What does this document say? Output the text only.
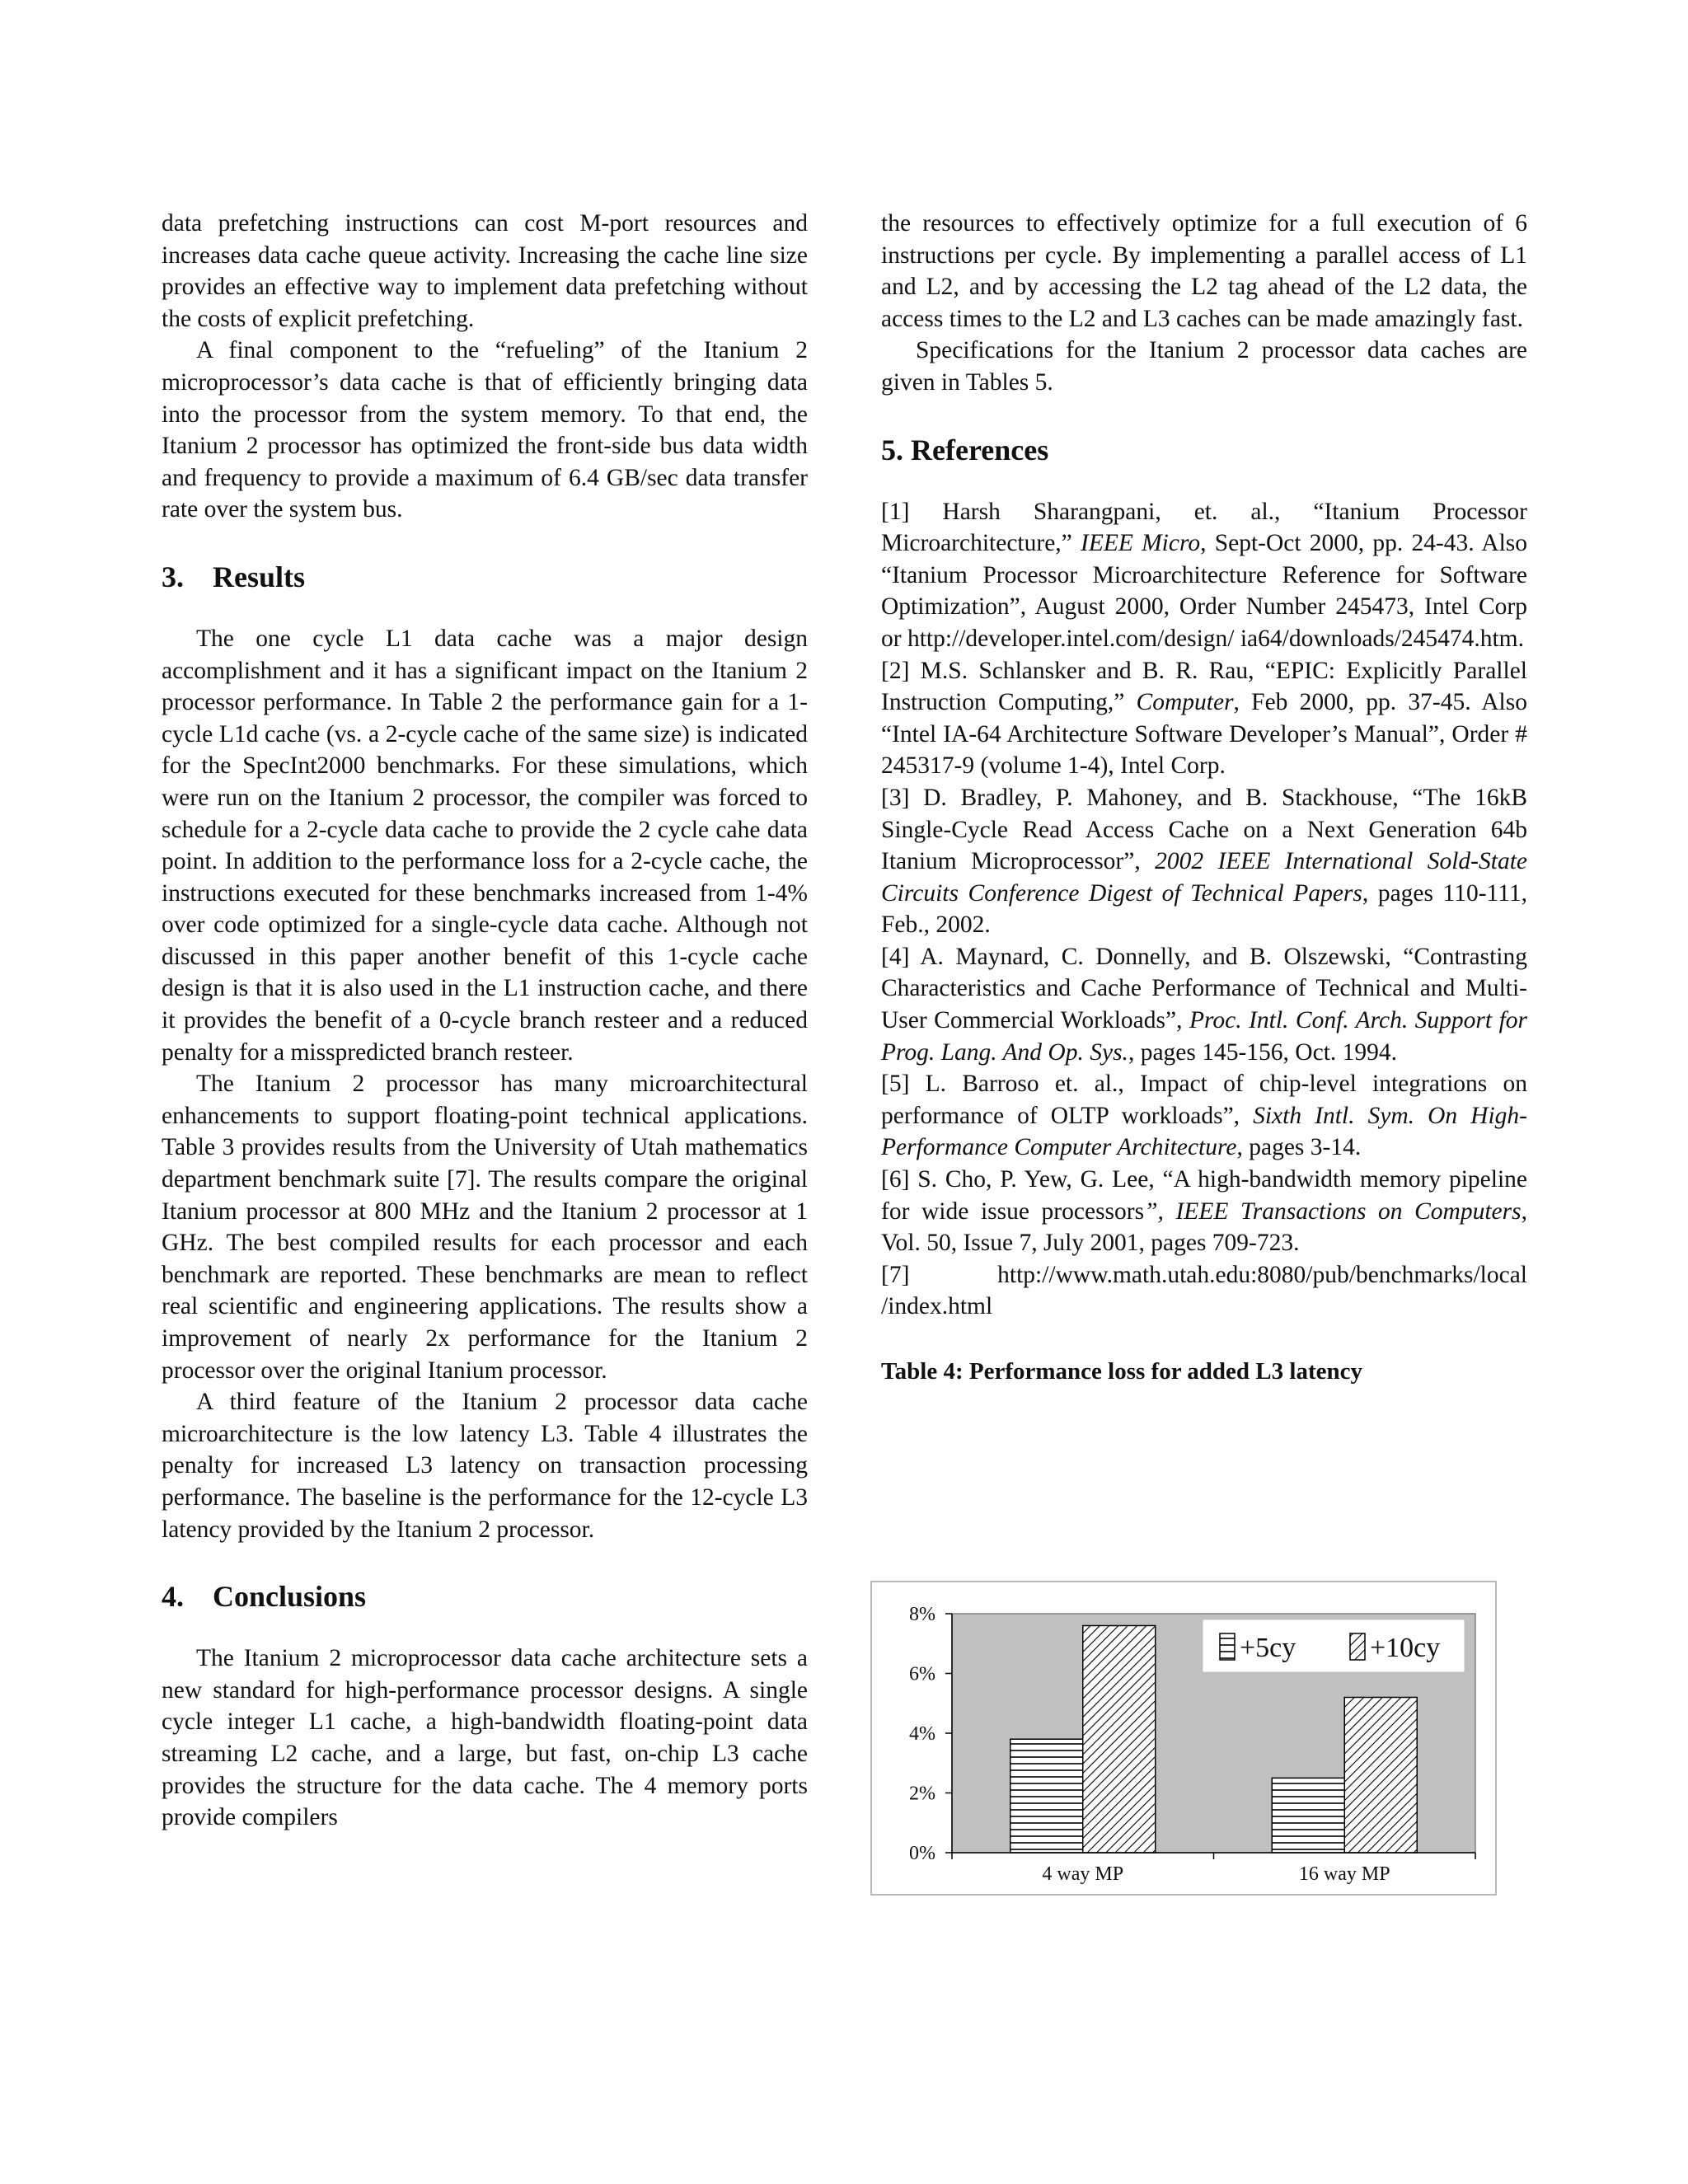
data prefetching instructions can cost M-port resources and increases data cache queue activity. Increasing the cache line size provides an effective way to implement data prefetching without the costs of explicit prefetching.

A final component to the “refueling” of the Itanium 2 microprocessor’s data cache is that of efficiently bringing data into the processor from the system memory. To that end, the Itanium 2 processor has optimized the front-side bus data width and frequency to provide a maximum of 6.4 GB/sec data transfer rate over the system bus.

3. Results

The one cycle L1 data cache was a major design accomplishment and it has a significant impact on the Itanium 2 processor performance. In Table 2 the performance gain for a 1-cycle L1d cache (vs. a 2-cycle cache of the same size) is indicated for the SpecInt2000 benchmarks. For these simulations, which were run on the Itanium 2 processor, the compiler was forced to schedule for a 2-cycle data cache to provide the 2 cycle cahe data point. In addition to the performance loss for a 2-cycle cache, the instructions executed for these benchmarks increased from 1-4% over code optimized for a single-cycle data cache. Although not discussed in this paper another benefit of this 1-cycle cache design is that it is also used in the L1 instruction cache, and there it provides the benefit of a 0-cycle branch resteer and a reduced penalty for a misspredicted branch resteer.

The Itanium 2 processor has many microarchitectural enhancements to support floating-point technical applications. Table 3 provides results from the University of Utah mathematics department benchmark suite [7]. The results compare the original Itanium processor at 800 MHz and the Itanium 2 processor at 1 GHz. The best compiled results for each processor and each benchmark are reported. These benchmarks are mean to reflect real scientific and engineering applications. The results show a improvement of nearly 2x performance for the Itanium 2 processor over the original Itanium processor.

A third feature of the Itanium 2 processor data cache microarchitecture is the low latency L3. Table 4 illustrates the penalty for increased L3 latency on transaction processing performance. The baseline is the performance for the 12-cycle L3 latency provided by the Itanium 2 processor.

4. Conclusions

The Itanium 2 microprocessor data cache architecture sets a new standard for high-performance processor designs. A single cycle integer L1 cache, a high-bandwidth floating-point data streaming L2 cache, and a large, but fast, on-chip L3 cache provides the structure for the data cache. The 4 memory ports provide compilers

the resources to effectively optimize for a full execution of 6 instructions per cycle. By implementing a parallel access of L1 and L2, and by accessing the L2 tag ahead of the L2 data, the access times to the L2 and L3 caches can be made amazingly fast.

Specifications for the Itanium 2 processor data caches are given in Tables 5.

5. References

[1] Harsh Sharangpani, et. al., “Itanium Processor Microarchitecture,” IEEE Micro, Sept-Oct 2000, pp. 24-43. Also “Itanium Processor Microarchitecture Reference for Software Optimization”, August 2000, Order Number 245473, Intel Corp or http://developer.intel.com/design/ ia64/downloads/245474.htm.

[2] M.S. Schlansker and B. R. Rau, “EPIC: Explicitly Parallel Instruction Computing,” Computer, Feb 2000, pp. 37-45. Also “Intel IA-64 Architecture Software Developer’s Manual”, Order # 245317-9 (volume 1-4), Intel Corp.

[3] D. Bradley, P. Mahoney, and B. Stackhouse, “The 16kB Single-Cycle Read Access Cache on a Next Generation 64b Itanium Microprocessor”, 2002 IEEE International Sold-State Circuits Conference Digest of Technical Papers, pages 110-111, Feb., 2002.

[4] A. Maynard, C. Donnelly, and B. Olszewski, “Contrasting Characteristics and Cache Performance of Technical and Multi-User Commercial Workloads”, Proc. Intl. Conf. Arch. Support for Prog. Lang. And Op. Sys., pages 145-156, Oct. 1994.

[5] L. Barroso et. al., Impact of chip-level integrations on performance of OLTP workloads”, Sixth Intl. Sym. On High-Performance Computer Architecture, pages 3-14.

[6] S. Cho, P. Yew, G. Lee, “A high-bandwidth memory pipeline for wide issue processors”, IEEE Transactions on Computers, Vol. 50, Issue 7, July 2001, pages 709-723.

[7] http://www.math.utah.edu:8080/pub/benchmarks/local /index.html

Table 4: Performance loss for added L3 latency
0%
2%
4%
6%
8%
4 way MP	16 way MP
+5cy	+10cy
